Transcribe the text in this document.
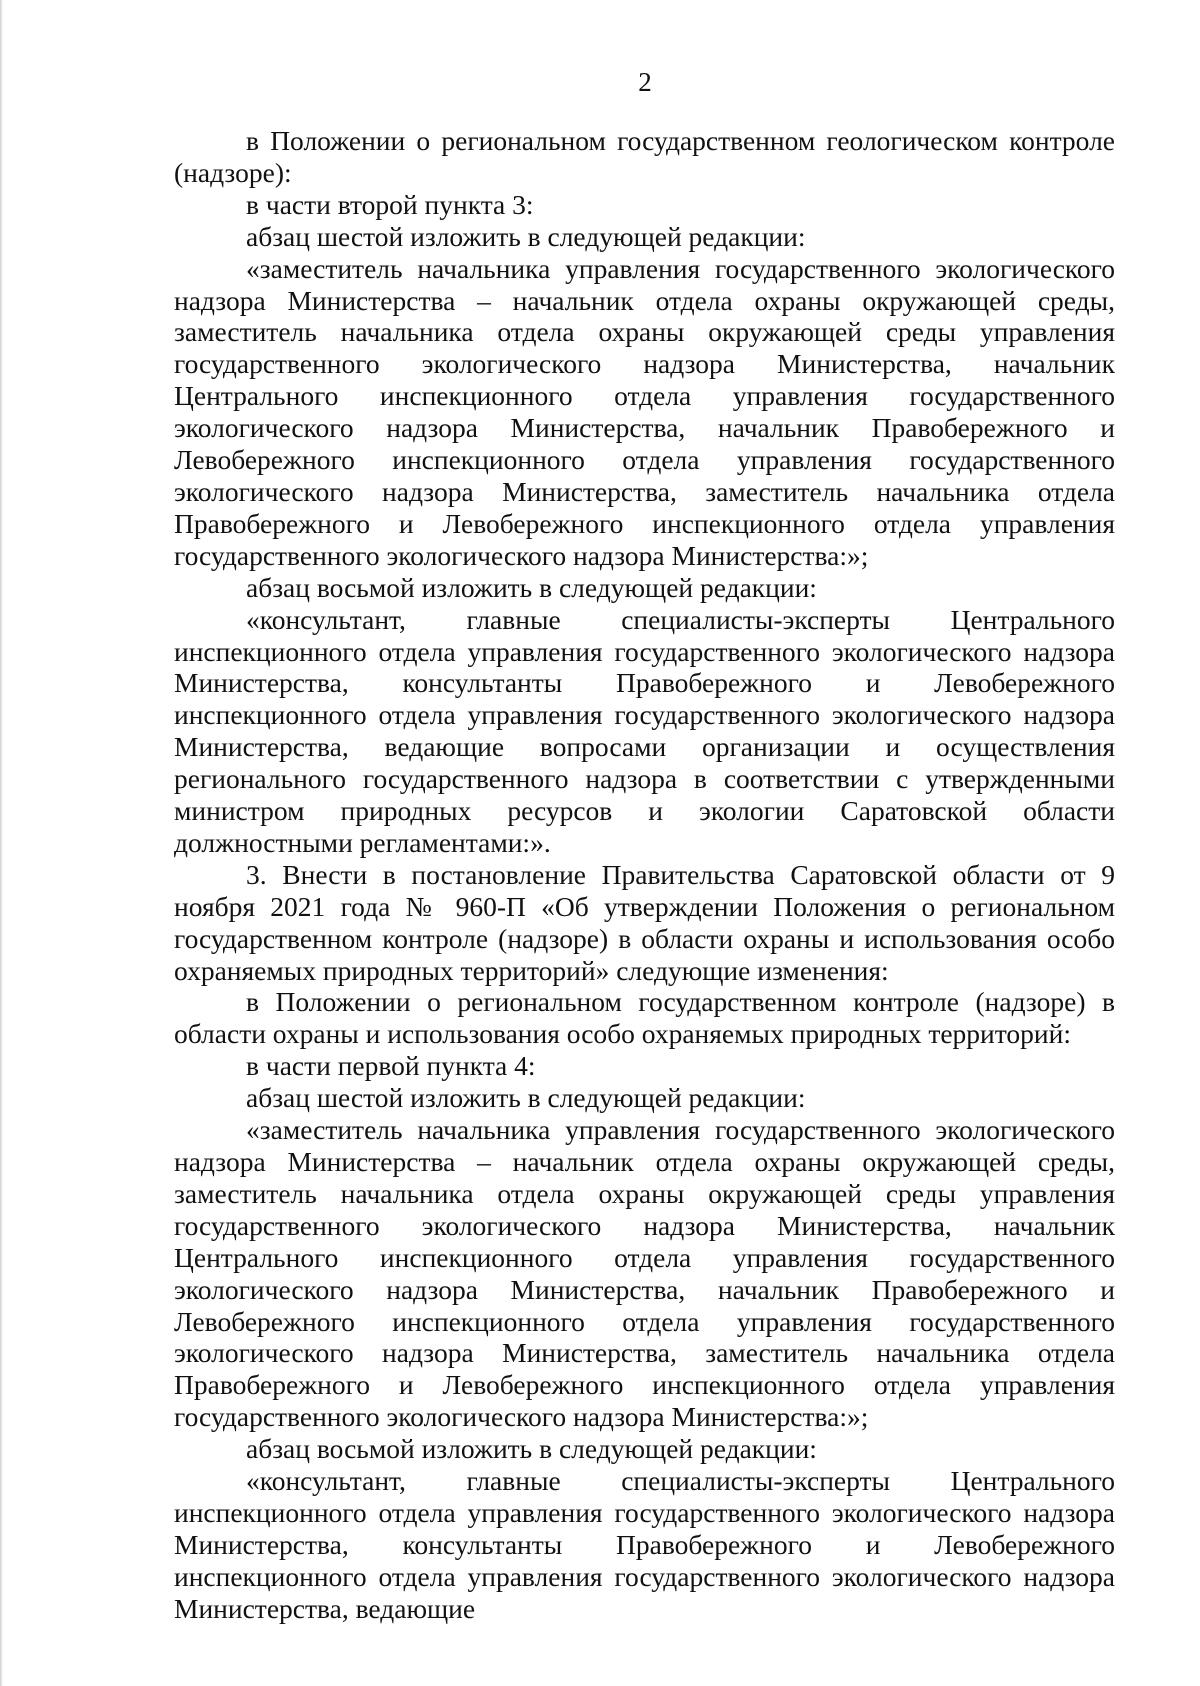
2

в Положении о региональном государственном геологическом контроле (надзоре):

в части второй пункта 3:

абзац шестой изложить в следующей редакции:

«заместитель начальника управления государственного экологического надзора Министерства – начальник отдела охраны окружающей среды, заместитель начальника отдела охраны окружающей среды управления государственного экологического надзора Министерства, начальник Центрального инспекционного отдела управления государственного экологического надзора Министерства, начальник Правобережного и Левобережного инспекционного отдела управления государственного экологического надзора Министерства, заместитель начальника отдела Правобережного и Левобережного инспекционного отдела управления государственного экологического надзора Министерства:»;

абзац восьмой изложить в следующей редакции:

«консультант, главные специалисты-эксперты Центрального инспекционного отдела управления государственного экологического надзора Министерства, консультанты Правобережного и Левобережного инспекционного отдела управления государственного экологического надзора Министерства, ведающие вопросами организации и осуществления регионального государственного надзора в соответствии с утвержденными министром природных ресурсов и экологии Саратовской области должностными регламентами:».

3. Внести в постановление Правительства Саратовской области от 9 ноября 2021 года № 960-П «Об утверждении Положения о региональном государственном контроле (надзоре) в области охраны и использования особо охраняемых природных территорий» следующие изменения:

в Положении о региональном государственном контроле (надзоре) в области охраны и использования особо охраняемых природных территорий:

в части первой пункта 4:

абзац шестой изложить в следующей редакции:

«заместитель начальника управления государственного экологического надзора Министерства – начальник отдела охраны окружающей среды, заместитель начальника отдела охраны окружающей среды управления государственного экологического надзора Министерства, начальник Центрального инспекционного отдела управления государственного экологического надзора Министерства, начальник Правобережного и Левобережного инспекционного отдела управления государственного экологического надзора Министерства, заместитель начальника отдела Правобережного и Левобережного инспекционного отдела управления государственного экологического надзора Министерства:»;

абзац восьмой изложить в следующей редакции:

«консультант, главные специалисты-эксперты Центрального инспекционного отдела управления государственного экологического надзора Министерства, консультанты Правобережного и Левобережного инспекционного отдела управления государственного экологического надзора Министерства, ведающие
